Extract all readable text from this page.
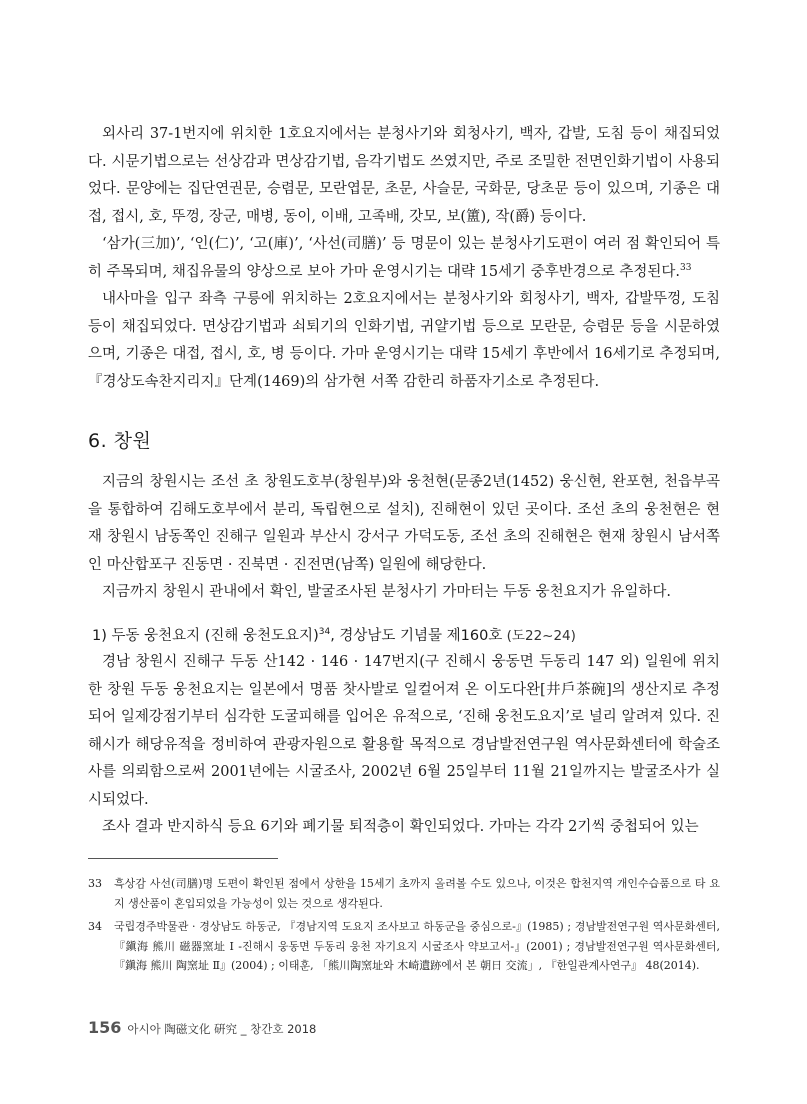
외사리 37-1번지에 위치한 1호요지에서는 분청사기와 회청사기, 백자, 갑발, 도침 등이 채집되었다. 시문기법으로는 선상감과 면상감기법, 음각기법도 쓰였지만, 주로 조밀한 전면인화기법이 사용되었다. 문양에는 집단연권문, 승렴문, 모란엽문, 초문, 사슬문, 국화문, 당초문 등이 있으며, 기종은 대접, 접시, 호, 뚜껑, 장군, 매병, 동이, 이배, 고족배, 갓모, 보(簠), 작(爵) 등이다.

‘삼가(三加)’, ‘인(仁)’, ‘고(庫)’, ‘사선(司膳)’ 등 명문이 있는 분청사기도편이 여러 점 확인되어 특히 주목되며, 채집유물의 양상으로 보아 가마 운영시기는 대략 15세기 중후반경으로 추정된다.$^{33}$

내사마을 입구 좌측 구릉에 위치하는 2호요지에서는 분청사기와 회청사기, 백자, 갑발뚜껑, 도침 등이 채집되었다. 면상감기법과 쇠퇴기의 인화기법, 귀얄기법 등으로 모란문, 승렴문 등을 시문하였으며, 기종은 대접, 접시, 호, 병 등이다. 가마 운영시기는 대략 15세기 후반에서 16세기로 추정되며, 『경상도속찬지리지』단계(1469)의 삼가현 서쪽 감한리 하품자기소로 추정된다.

6. 창원

지금의 창원시는 조선 초 창원도호부(창원부)와 웅천현(문종2년(1452) 웅신현, 완포현, 천읍부곡을 통합하여 김해도호부에서 분리, 독립현으로 설치), 진해현이 있던 곳이다. 조선 초의 웅천현은 현재 창원시 남동쪽인 진해구 일원과 부산시 강서구 가덕도동, 조선 초의 진해현은 현재 창원시 남서쪽인 마산합포구 진동면 · 진북면 · 진전면(남쪽) 일원에 해당한다.

지금까지 창원시 관내에서 확인, 발굴조사된 분청사기 가마터는 두동 웅천요지가 유일하다.

1) 두동 웅천요지 (진해 웅천도요지)$^{34}$, 경상남도 기념물 제160호 (도22~24)

경남 창원시 진해구 두동 산142 · 146 · 147번지(구 진해시 웅동면 두동리 147 외) 일원에 위치한 창원 두동 웅천요지는 일본에서 명품 찻사발로 일컬어져 온 이도다완[井戶茶碗]의 생산지로 추정되어 일제강점기부터 심각한 도굴피해를 입어온 유적으로, ‘진해 웅천도요지’로 널리 알려져 있다. 진해시가 해당유적을 정비하여 관광자원으로 활용할 목적으로 경남발전연구원 역사문화센터에 학술조사를 의뢰함으로써 2001년에는 시굴조사, 2002년 6월 25일부터 11월 21일까지는 발굴조사가 실시되었다.

조사 결과 반지하식 등요 6기와 폐기물 퇴적층이 확인되었다. 가마는 각각 2기씩 중첩되어 있는

33 흑상감 사선(司膳)명 도편이 확인된 점에서 상한을 15세기 초까지 올려볼 수도 있으나, 이것은 합천지역 개인수습품으로 타 요지 생산품이 혼입되었을 가능성이 있는 것으로 생각된다.

34 국립경주박물관 · 경상남도 하동군, 『경남지역 도요지 조사보고 하동군을 중심으로-』(1985) ; 경남발전연구원 역사문화센터, 『鎭海 熊川 磁器窯址 Ⅰ -진해시 웅동면 두동리 웅천 자기요지 시굴조사 약보고서-』(2001) ; 경남발전연구원 역사문화센터, 『鎭海 熊川 陶窯址 Ⅱ』(2004) ; 이태훈, 「熊川陶窯址와 木崎遺跡에서 본 朝日 交流」, 『한일관계사연구』 48(2014).

156 아시아 陶磁文化 硏究 _ 창간호 2018
